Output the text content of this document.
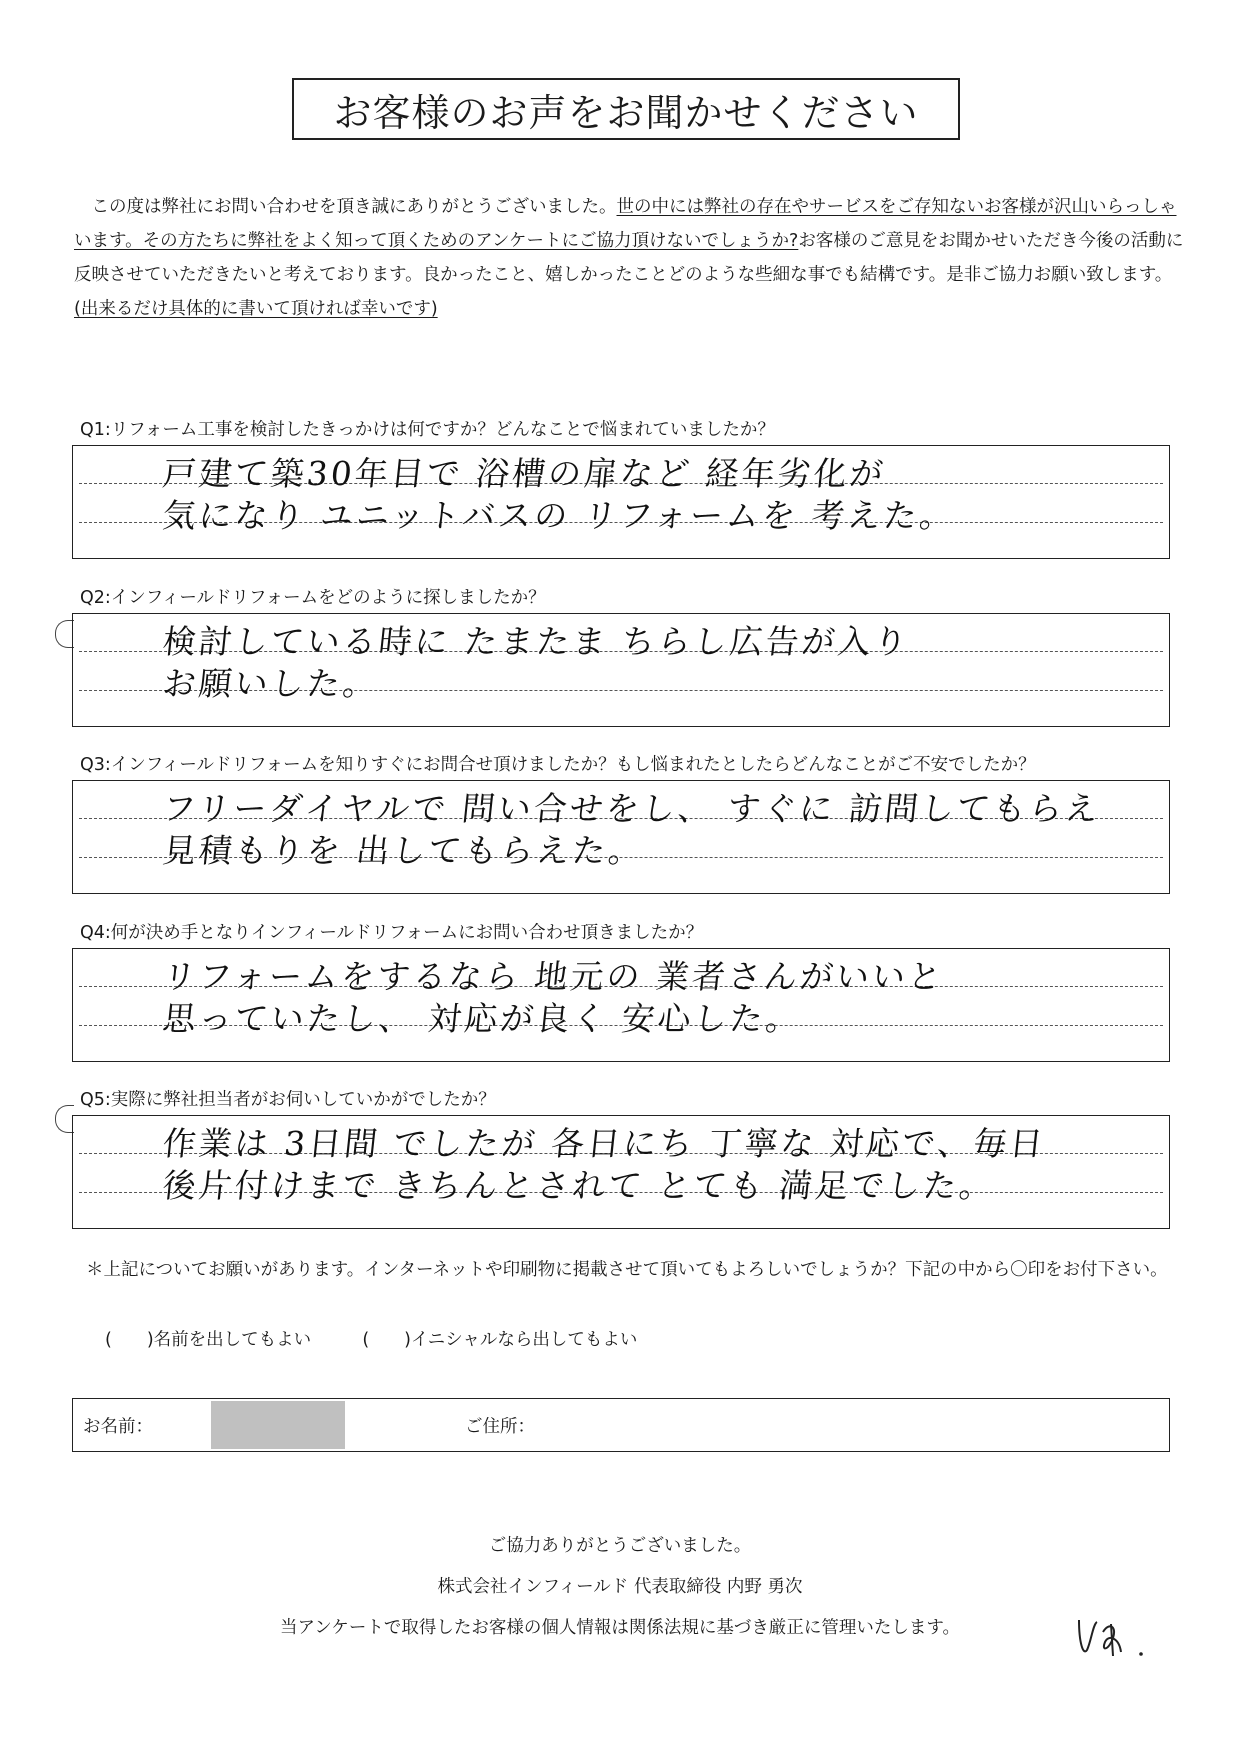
お客様のお声をお聞かせください
この度は弊社にお問い合わせを頂き誠にありがとうございました。世の中には弊社の存在やサービスをご存知ないお客様が沢山いらっしゃいます。その方たちに弊社をよく知って頂くためのアンケートにご協力頂けないでしょうか?お客様のご意見をお聞かせいただき今後の活動に反映させていただきたいと考えております。良かったこと、嬉しかったことどのような些細な事でも結構です。是非ご協力お願い致します。(出来るだけ具体的に書いて頂ければ幸いです)
Q1:リフォーム工事を検討したきっかけは何ですか？どんなことで悩まれていましたか？
戸建て築30年目で 浴槽の扉など 経年劣化が
気になり ユニットバスの リフォームを 考えた。
Q2:インフィールドリフォームをどのように探しましたか？
検討している時に たまたま ちらし広告が入り
お願いした。
Q3:インフィールドリフォームを知りすぐにお問合せ頂けましたか？もし悩まれたとしたらどんなことがご不安でしたか？
フリーダイヤルで 問い合せをし、 すぐに 訪問してもらえ
見積もりを 出してもらえた。
Q4:何が決め手となりインフィールドリフォームにお問い合わせ頂きましたか？
リフォームをするなら 地元の 業者さんがいいと
思っていたし、 対応が良く 安心した。
Q5:実際に弊社担当者がお伺いしていかがでしたか？
作業は 3日間 でしたが 各日にち 丁寧な 対応で、毎日
後片付けまで きちんとされて とても 満足でした。
＊上記についてお願いがあります。インターネットや印刷物に掲載させて頂いてもよろしいでしょうか？下記の中から〇印をお付下さい。
(　　)名前を出してもよい	(　　)イニシャルなら出してもよい
お名前：	ご住所：
ご協力ありがとうございました。
株式会社インフィールド 代表取締役 内野 勇次
当アンケートで取得したお客様の個人情報は関係法規に基づき厳正に管理いたします。
